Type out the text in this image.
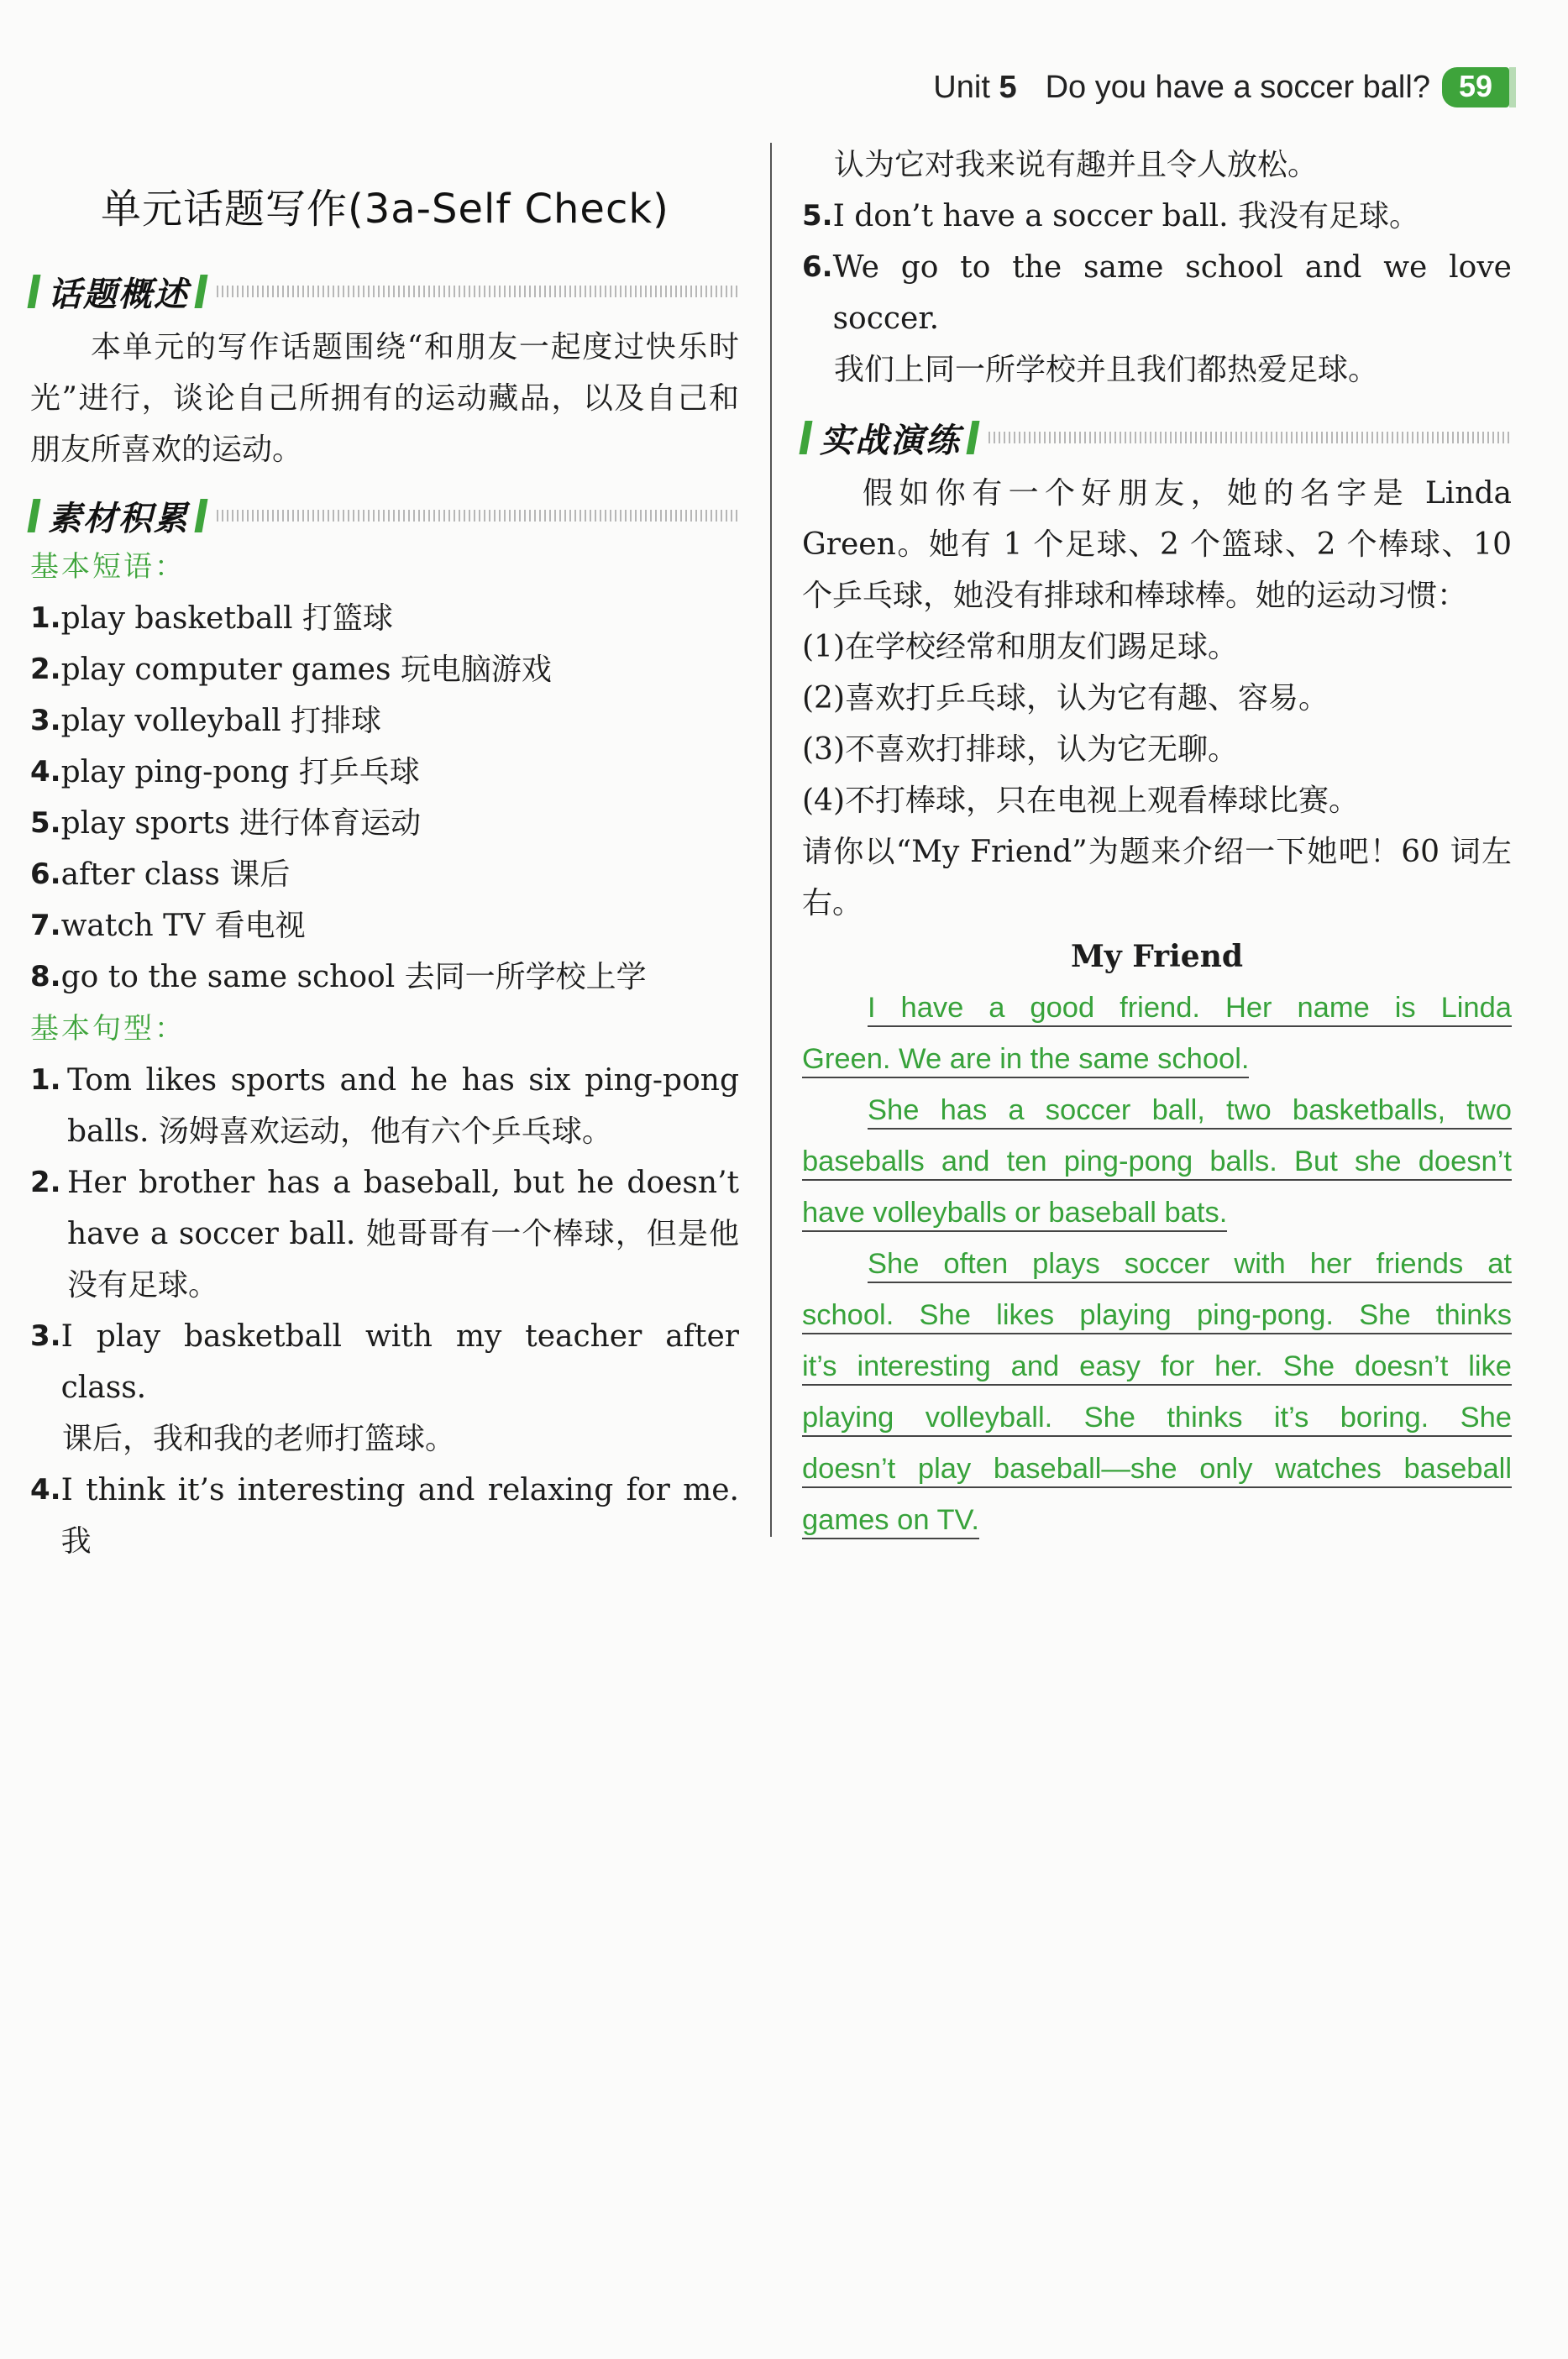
Unit 5 Do you have a soccer ball? 59
单元话题写作(3a-Self Check)
话题概述
本单元的写作话题围绕“和朋友一起度过快乐时光”进行，谈论自己所拥有的运动藏品，以及自己和朋友所喜欢的运动。
素材积累
基本短语：
1. play basketball 打篮球
2. play computer games 玩电脑游戏
3. play volleyball 打排球
4. play ping-pong 打乒乓球
5. play sports 进行体育运动
6. after class 课后
7. watch TV 看电视
8. go to the same school 去同一所学校上学
基本句型：
1. Tom likes sports and he has six ping-pong
balls. 汤姆喜欢运动，他有六个乒乓球。
2. Her brother has a baseball, but he doesn’t
have a soccer ball. 她哥哥有一个棒球，但是他
没有足球。
3. I play basketball with my teacher after class.
课后，我和我的老师打篮球。
4. I think it’s interesting and relaxing for me. 我
认为它对我来说有趣并且令人放松。
5. I don’t have a soccer ball. 我没有足球。
6. We go to the same school and we love soccer.
我们上同一所学校并且我们都热爱足球。
实战演练
假如你有一个好朋友，她的名字是 Linda Green。她有 1 个足球、2 个篮球、2 个棒球、10 个乒乓球，她没有排球和棒球棒。她的运动习惯：
(1)在学校经常和朋友们踢足球。
(2)喜欢打乒乓球，认为它有趣、容易。
(3)不喜欢打排球，认为它无聊。
(4)不打棒球，只在电视上观看棒球比赛。
请你以“My Friend”为题来介绍一下她吧！60 词左右。
My Friend

I have a good friend. Her name is Linda

Green. We are in the same school.

She has a soccer ball, two basketballs, two

baseballs and ten ping-pong balls. But she doesn’t

have volleyballs or baseball bats.

She often plays soccer with her friends at

school. She likes playing ping-pong. She thinks

it’s interesting and easy for her. She doesn’t like

playing volleyball. She thinks it’s boring. She

doesn’t play baseball—she only watches baseball

games on TV.
